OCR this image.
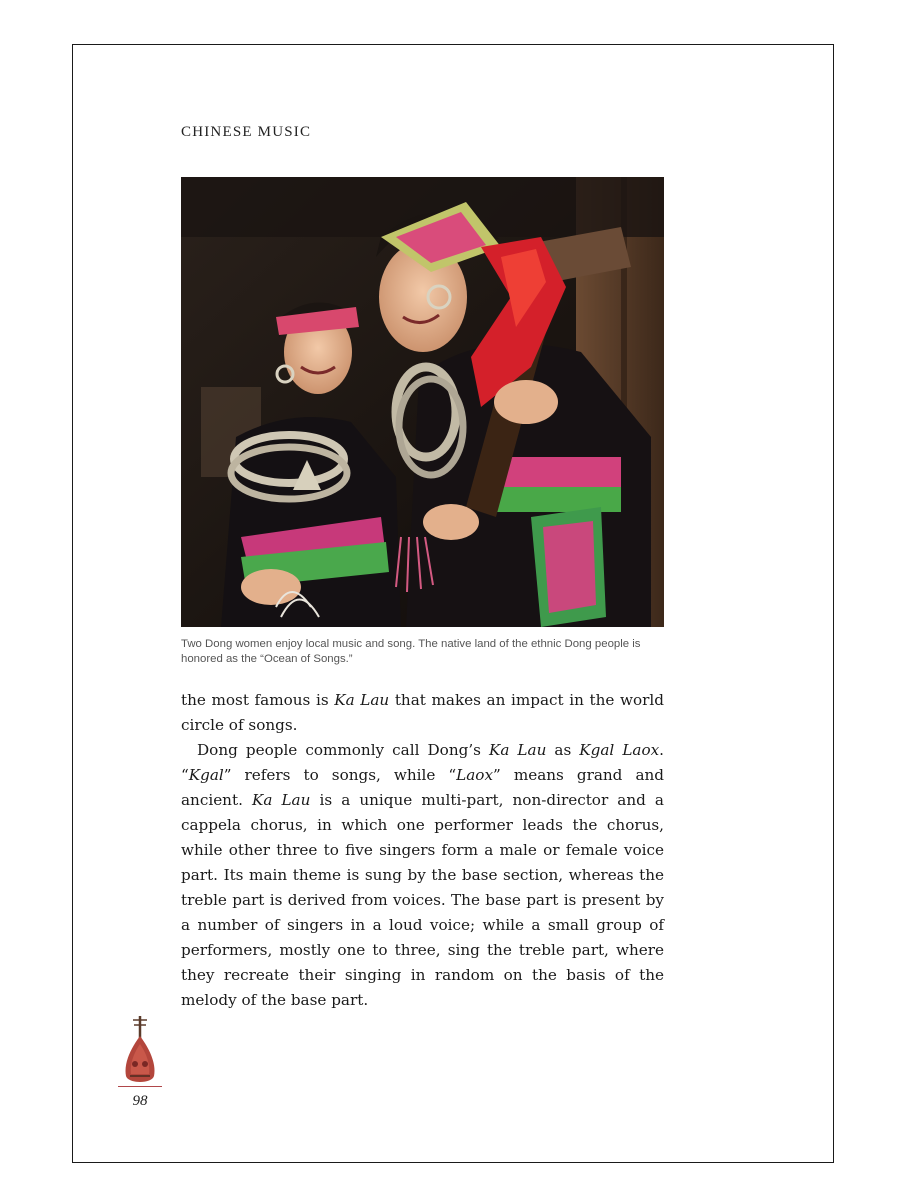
CHINESE MUSIC
Two Dong women enjoy local music and song. The native land of the ethnic Dong people is honored as the “Ocean of Songs.”

the most famous is Ka Lau that makes an impact in the world circle of songs.

Dong people commonly call Dong’s Ka Lau as Kgal Laox. “Kgal” refers to songs, while “Laox” means grand and ancient. Ka Lau is a unique multi-part, non-director and a cappela chorus, in which one performer leads the chorus, while other three to five singers form a male or female voice part. Its main theme is sung by the base section, whereas the treble part is derived from voices. The base part is present by a number of singers in a loud voice; while a small group of performers, mostly one to three, sing the treble part, where they recreate their singing in random on the basis of the melody of the base part.

98
